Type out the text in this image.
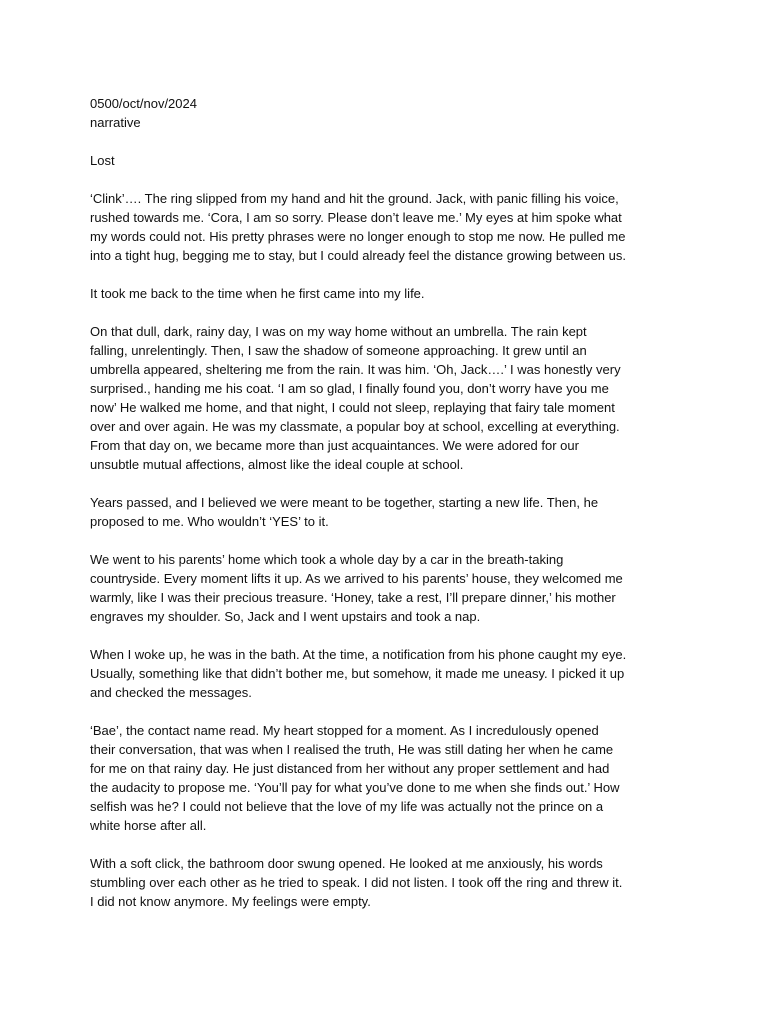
0500/oct/nov/2024

narrative

Lost

‘Clink’…. The ring slipped from my hand and hit the ground. Jack, with panic filling his voice,
rushed towards me. ‘Cora, I am so sorry. Please don’t leave me.’ My eyes at him spoke what
my words could not. His pretty phrases were no longer enough to stop me now. He pulled me
into a tight hug, begging me to stay, but I could already feel the distance growing between us.

It took me back to the time when he first came into my life.

On that dull, dark, rainy day, I was on my way home without an umbrella. The rain kept
falling, unrelentingly. Then, I saw the shadow of someone approaching. It grew until an
umbrella appeared, sheltering me from the rain. It was him. ‘Oh, Jack….’ I was honestly very
surprised., handing me his coat. ‘I am so glad, I finally found you, don’t worry have you me
now’ He walked me home, and that night, I could not sleep, replaying that fairy tale moment
over and over again. He was my classmate, a popular boy at school, excelling at everything.
From that day on, we became more than just acquaintances. We were adored for our
unsubtle mutual affections, almost like the ideal couple at school.

Years passed, and I believed we were meant to be together, starting a new life. Then, he
proposed to me. Who wouldn’t ‘YES’ to it.

We went to his parents’ home which took a whole day by a car in the breath-taking
countryside. Every moment lifts it up. As we arrived to his parents’ house, they welcomed me
warmly, like I was their precious treasure. ‘Honey, take a rest, I’ll prepare dinner,’ his mother
engraves my shoulder. So, Jack and I went upstairs and took a nap.

When I woke up, he was in the bath. At the time, a notification from his phone caught my eye.
Usually, something like that didn’t bother me, but somehow, it made me uneasy. I picked it up
and checked the messages.

‘Bae’, the contact name read. My heart stopped for a moment. As I incredulously opened
their conversation, that was when I realised the truth, He was still dating her when he came
for me on that rainy day. He just distanced from her without any proper settlement and had
the audacity to propose me. ‘You’ll pay for what you’ve done to me when she finds out.’ How
selfish was he? I could not believe that the love of my life was actually not the prince on a
white horse after all.

With a soft click, the bathroom door swung opened. He looked at me anxiously, his words
stumbling over each other as he tried to speak. I did not listen. I took off the ring and threw it.
I did not know anymore. My feelings were empty.
